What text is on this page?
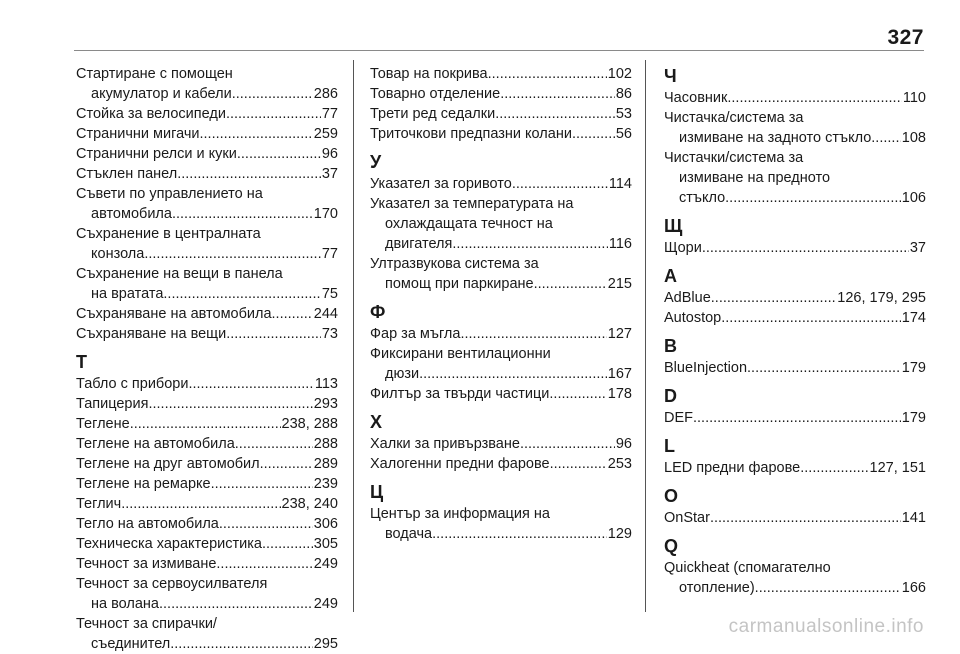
327
Стартиране с помощен
акумулатор и кабели .....	286
Стойка за велосипеди .....	77
Странични мигачи .....	259
Странични релси и куки .....	96
Стъклен панел .....	37
Съвети по управлението на
автомобила .....	170
Съхранение в централната
конзола .....	77
Съхранение на вещи в панела
на вратата .....	75
Съхраняване на автомобила .....	244
Съхраняване на вещи .....	73
Т
Табло с прибори .....	113
Тапицерия .....	293
Теглене .....	238, 288
Теглене на автомобила .....	288
Теглене на друг автомобил .....	289
Теглене на ремарке .....	239
Теглич .....	238, 240
Тегло на автомобила .....	306
Техническа характеристика .....	305
Течност за измиване .....	249
Течност за сервоусилвателя
на волана .....	249
Течност за спирачки/
съединител .....	295
Товар на покрива .....	102
Товарно отделение .....	86
Трети ред седалки .....	53
Триточкови предпазни колани .....	56
У
Указател за горивото .....	114
Указател за температурата на
охлаждащата течност на
двигателя .....	116
Ултразвукова система за
помощ при паркиране .....	215
Ф
Фар за мъгла .....	127
Фиксирани вентилационни
дюзи .....	167
Филтър за твърди частици .....	178
Х
Халки за привързване .....	96
Халогенни предни фарове .....	253
Ц
Център за информация на
водача .....	129
Ч
Часовник .....	110
Чистачка/система за
измиване на задното стъкло ..... 108
Чистачки/система за
измиване на предното
стъкло .....	106
Щ
Щори .....	37
A
AdBlue .....	126, 179, 295
Autostop .....	174
B
BlueInjection .....	179
D
DEF .....	179
L
LED предни фарове .....	127, 151
O
OnStar .....	141
Q
Quickheat (спомагателно
отопление) .....	166
carmanualsonline.info
